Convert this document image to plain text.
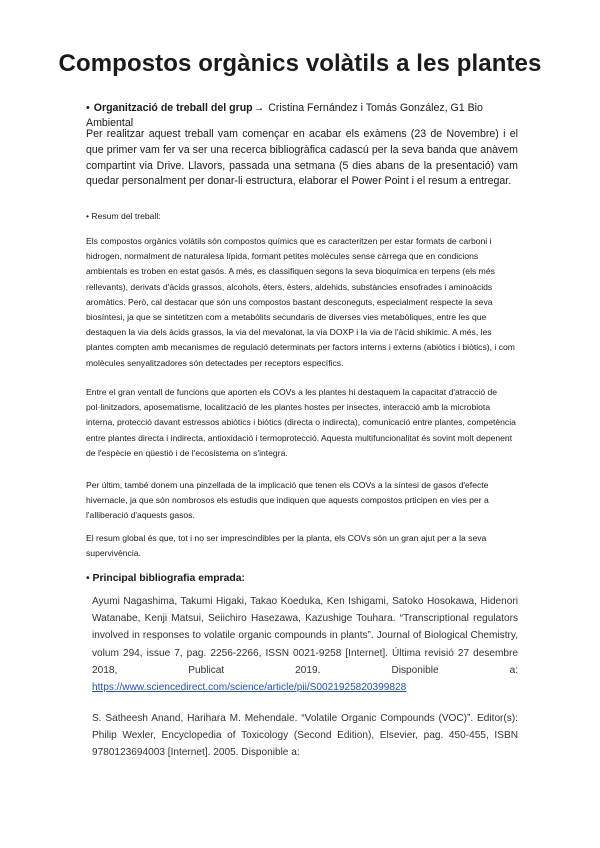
Compostos orgànics volàtils a les plantes
• Organització de treball del grup→ Cristina Fernández i Tomás González, G1 Bio Ambiental
Per realitzar aquest treball vam començar en acabar els exàmens (23 de Novembre) i el que primer vam fer va ser una recerca bibliogràfica cadascú per la seva banda que anàvem compartint via Drive. Llavors, passada una setmana (5 dies abans de la presentació) vam quedar personalment per donar-li estructura, elaborar el Power Point i el resum a entregar.
• Resum del treball:
Els compostos orgànics volàtils són compostos químics que es caracteritzen per estar formats de carboni i hidrogen, normalment de naturalesa lípida, formant petites molècules sense càrrega que en condicions ambientals es troben en estat gasós. A més, es classifiquen segons la seva bioquímica en terpens (els més rellevants), derivats d'àcids grassos, alcohols, èters, èsters, aldehids, substàncies ensofrades i aminoàcids aromàtics. Però, cal destacar que són uns compostos bastant desconeguts, especialment respecte la seva biosíntesi, ja que se sintetitzen com a metabòlits secundaris de diverses vies metabòliques, entre les que destaquen la via dels àcids grassos, la via del mevalonat, la via DOXP i la via de l'àcid shikímic. A més, les plantes compten amb mecanismes de regulació determinats per factors interns i externs (abiòtics i biòtics), i com molècules senyalitzadores són detectades per receptors específics.
Entre el gran ventall de funcions que aporten els COVs a les plantes hi destaquem la capacitat d'atracció de pol·linitzadors, aposematisme, localització de les plantes hostes per insectes, interacció amb la microbiota interna, protecció davant estressos abiòtics i biòtics (directa o indirecta), comunicació entre plantes, competència entre plantes directa i indirecta, antioxidació i termoprotecció. Aquesta multifuncionalitat és sovint molt depenent de l'espècie en qüestió i de l'ecosistema on s'integra.
Per últim, també donem una pinzellada de la implicació que tenen els COVs a la síntesi de gasos d'efecte hivernacle, ja que són nombrosos els estudis que indiquen que aquests compostos prticipen en vies per a l'alliberació d'aquests gasos.
El resum global és que, tot i no ser imprescindibles per la planta, els COVs són un gran ajut per a la seva supervivència.
• Principal bibliografia emprada:
Ayumi Nagashima, Takumi Higaki, Takao Koeduka, Ken Ishigami, Satoko Hosokawa, Hidenori Watanabe, Kenji Matsui, Seiichiro Hasezawa, Kazushige Touhara. “Transcriptional regulators involved in responses to volatile organic compounds in plants”. Journal of Biological Chemistry, volum 294, issue 7, pag. 2256-2266, ISSN 0021-9258 [Internet]. Última revisió 27 desembre 2018, Publicat 2019. Disponible a: https://www.sciencedirect.com/science/article/pii/S0021925820399828
S. Satheesh Anand, Harihara M. Mehendale. “Volatile Organic Compounds (VOC)”. Editor(s): Philip Wexler, Encyclopedia of Toxicology (Second Edition), Elsevier, pag. 450-455, ISBN 9780123694003 [Internet]. 2005. Disponible a:
